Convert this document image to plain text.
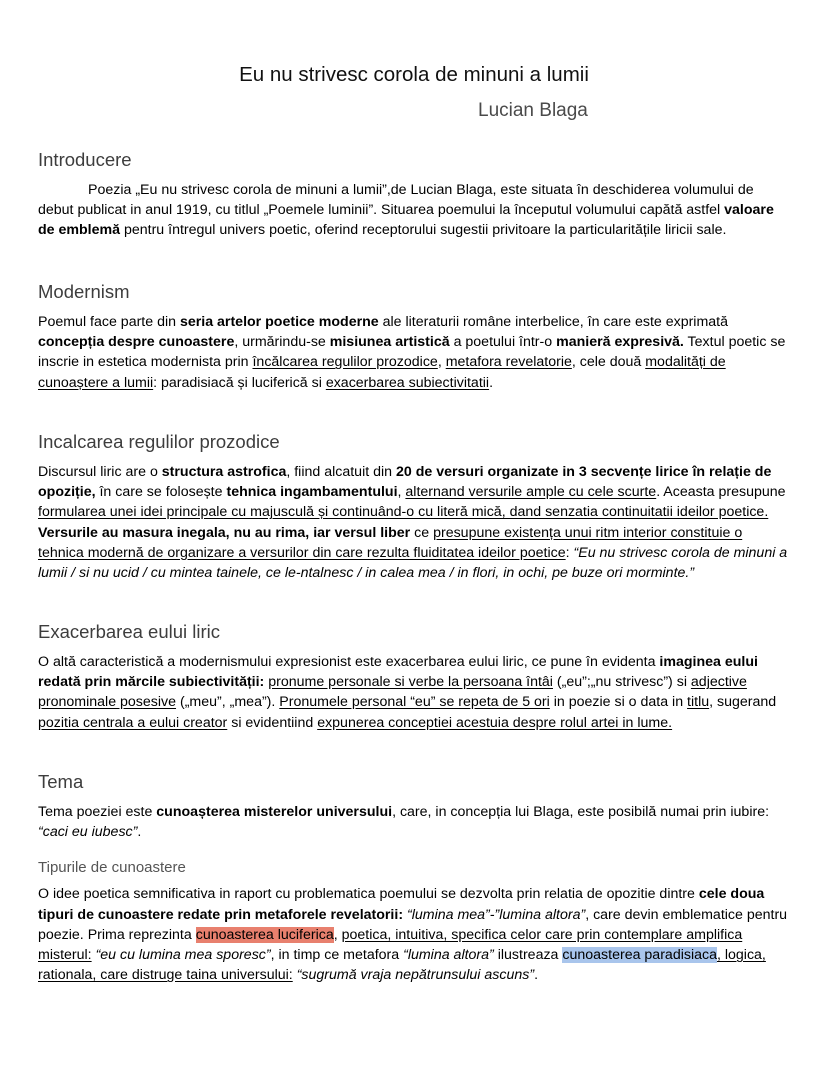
Eu nu strivesc corola de minuni a lumii
Lucian Blaga
Introducere

Poezia „Eu nu strivesc corola de minuni a lumii”,de Lucian Blaga, este situata în deschiderea volumului de debut publicat in anul 1919, cu titlul „Poemele luminii”. Situarea poemului la începutul volumului capătă astfel valoare de emblemă pentru întregul univers poetic, oferind receptorului sugestii privitoare la particularitățile liricii sale.

Modernism

Poemul face parte din seria artelor poetice moderne ale literaturii române interbelice, în care este exprimată concepția despre cunoastere, urmărindu-se misiunea artistică a poetului într-o manieră expresivă. Textul poetic se inscrie in estetica modernista prin încălcarea regulilor prozodice, metafora revelatorie, cele două modalități de cunoaștere a lumii: paradisiacă și luciferică si exacerbarea subiectivitatii.

Incalcarea regulilor prozodice

Discursul liric are o structura astrofica, fiind alcatuit din 20 de versuri organizate in 3 secvențe lirice în relație de opoziție, în care se folosește tehnica ingambamentului, alternand versurile ample cu cele scurte. Aceasta presupune formularea unei idei principale cu majusculă și continuând-o cu literă mică, dand senzatia continuitatii ideilor poetice. Versurile au masura inegala, nu au rima, iar versul liber ce presupune existența unui ritm interior constituie o tehnica modernă de organizare a versurilor din care rezulta fluiditatea ideilor poetice: “Eu nu strivesc corola de minuni a lumii / si nu ucid / cu mintea tainele, ce le-ntalnesc / in calea mea / in flori, in ochi, pe buze ori morminte.”

Exacerbarea eului liric

O altă caracteristică a modernismului expresionist este exacerbarea eului liric, ce pune în evidenta imaginea eului redată prin mărcile subiectivității: pronume personale si verbe la persoana întâi („eu”;„nu strivesc”) si adjective pronominale posesive („meu”, „mea”). Pronumele personal “eu” se repeta de 5 ori in poezie si o data in titlu, sugerand pozitia centrala a eului creator si evidentiind expunerea conceptiei acestuia despre rolul artei in lume.

Tema

Tema poeziei este cunoașterea misterelor universului, care, in concepția lui Blaga, este posibilă numai prin iubire: “caci eu iubesc”.

Tipurile de cunoastere

O idee poetica semnificativa in raport cu problematica poemului se dezvolta prin relatia de opozitie dintre cele doua tipuri de cunoastere redate prin metaforele revelatorii: “lumina mea”-”lumina altora”, care devin emblematice pentru poezie. Prima reprezinta cunoasterea luciferica, poetica, intuitiva, specifica celor care prin contemplare amplifica misterul: “eu cu lumina mea sporesc”, in timp ce metafora “lumina altora” ilustreaza cunoasterea paradisiaca, logica, rationala, care distruge taina universului: “sugrumă vraja nepătrunsului ascuns”.
